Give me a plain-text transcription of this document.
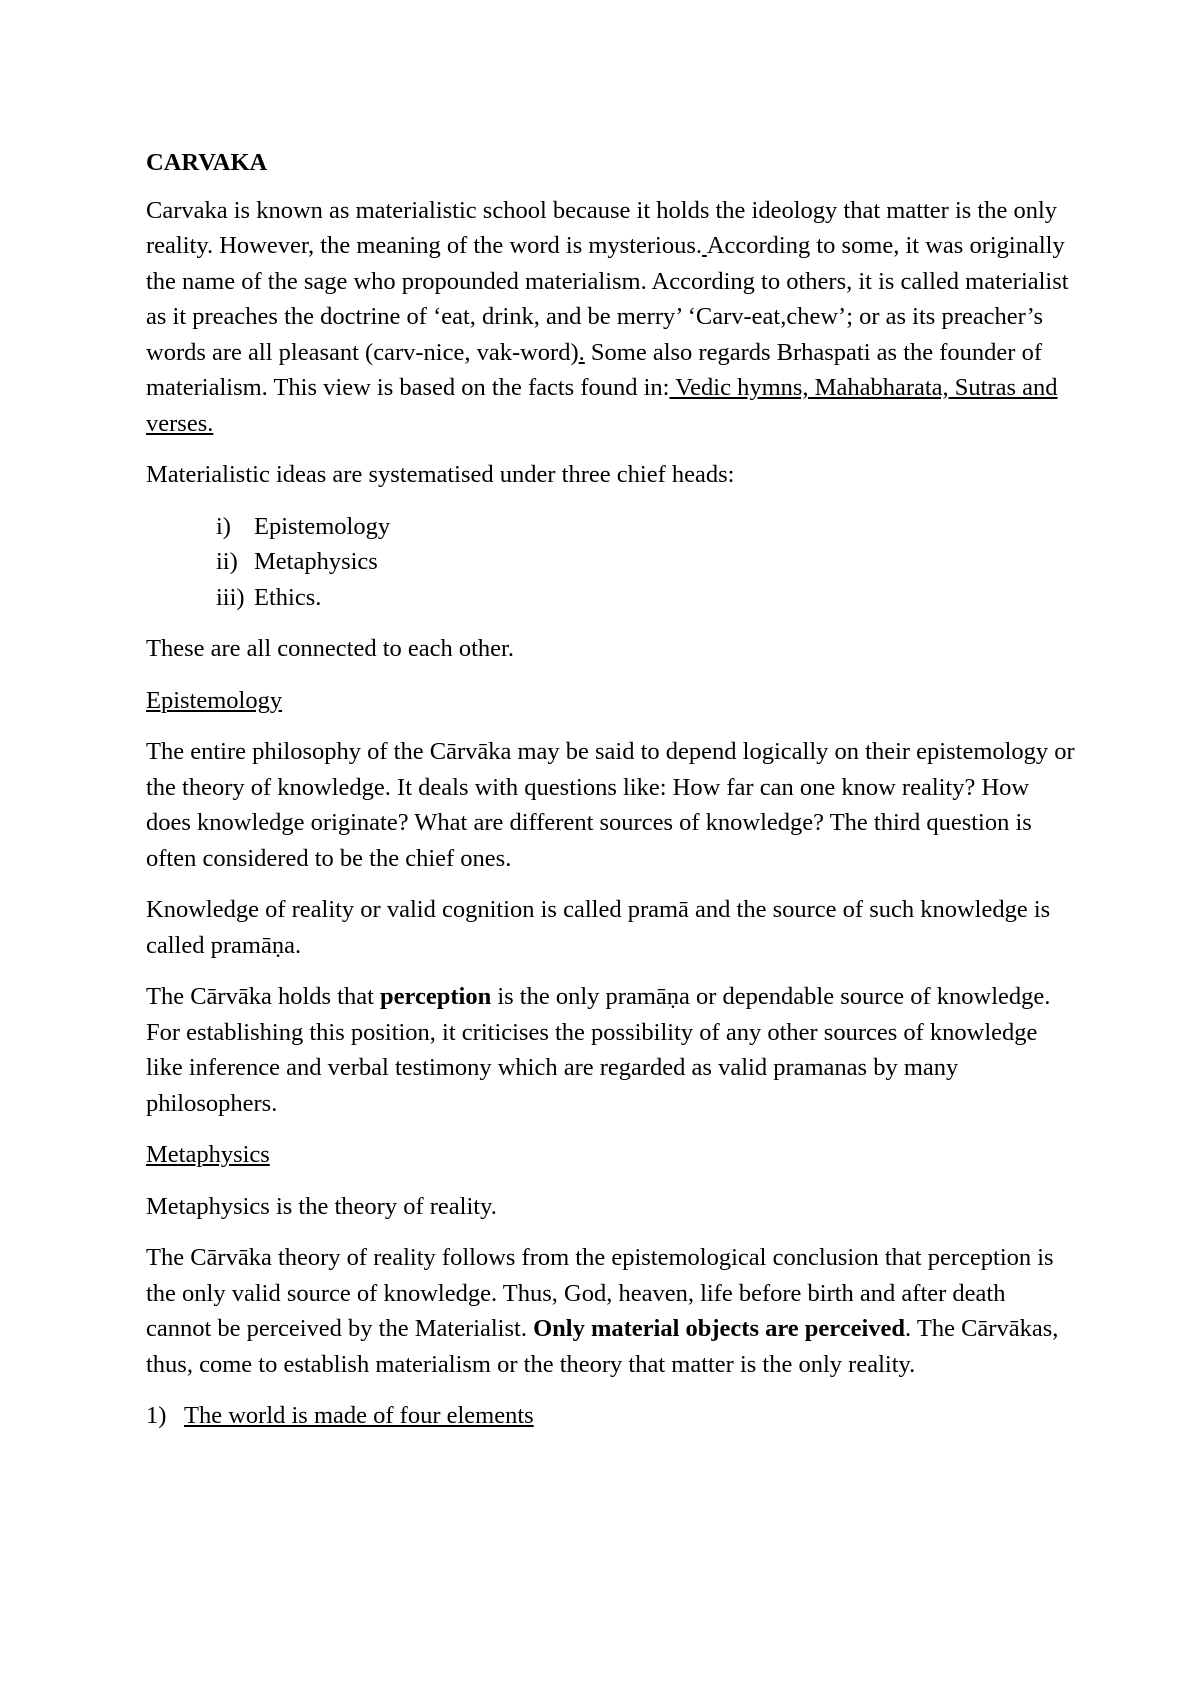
CARVAKA

Carvaka is known as materialistic school because it holds the ideology that matter is the only reality. However, the meaning of the word is mysterious. According to some, it was originally the name of the sage who propounded materialism. According to others, it is called materialist as it preaches the doctrine of ‘eat, drink, and be merry’ ‘Carv-eat,chew’; or as its preacher’s words are all pleasant (carv-nice, vak-word). Some also regards Brhaspati as the founder of materialism. This view is based on the facts found in: Vedic hymns, Mahabharata, Sutras and verses.

Materialistic ideas are systematised under three chief heads:

i) Epistemology
ii) Metaphysics
iii) Ethics.

These are all connected to each other.

Epistemology

The entire philosophy of the Cārvāka may be said to depend logically on their epistemology or the theory of knowledge. It deals with questions like: How far can one know reality? How does knowledge originate? What are different sources of knowledge? The third question is often considered to be the chief ones.

Knowledge of reality or valid cognition is called pramā and the source of such knowledge is called pramāṇa.

The Cārvāka holds that perception is the only pramāṇa or dependable source of knowledge. For establishing this position, it criticises the possibility of any other sources of knowledge like inference and verbal testimony which are regarded as valid pramanas by many philosophers.

Metaphysics

Metaphysics is the theory of reality.

The Cārvāka theory of reality follows from the epistemological conclusion that perception is the only valid source of knowledge. Thus, God, heaven, life before birth and after death cannot be perceived by the Materialist. Only material objects are perceived. The Cārvākas, thus, come to establish materialism or the theory that matter is the only reality.

1) The world is made of four elements
